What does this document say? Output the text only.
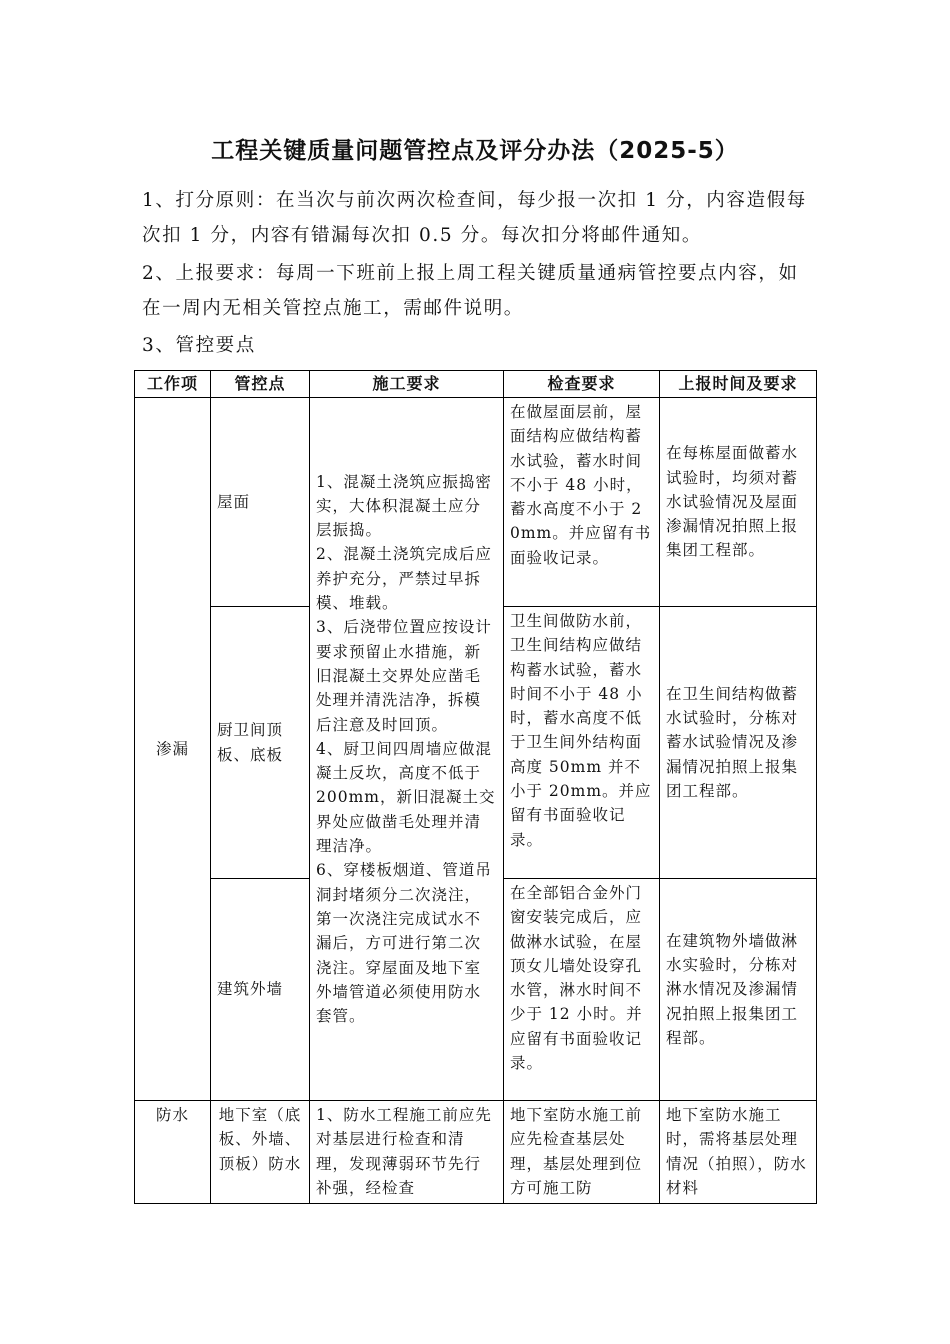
工程关键质量问题管控点及评分办法（2025-5）
1、打分原则：在当次与前次两次检查间，每少报一次扣 1 分，内容造假每次扣 1 分，内容有错漏每次扣 0.5 分。每次扣分将邮件通知。
2、上报要求：每周一下班前上报上周工程关键质量通病管控要点内容，如在一周内无相关管控点施工，需邮件说明。
3、管控要点
工作项	管控点	施工要求	检查要求	上报时间及要求
渗漏	屋面	1、混凝土浇筑应振捣密实，大体积混凝土应分层振捣。
2、混凝土浇筑完成后应养护充分，严禁过早拆模、堆载。
3、后浇带位置应按设计要求预留止水措施，新旧混凝土交界处应凿毛处理并清洗洁净，拆模后注意及时回顶。
4、厨卫间四周墙应做混凝土反坎，高度不低于 200mm，新旧混凝土交界处应做凿毛处理并清理洁净。
6、穿楼板烟道、管道吊洞封堵须分二次浇注，第一次浇注完成试水不漏后，方可进行第二次浇注。穿屋面及地下室外墙管道必须使用防水套管。	在做屋面层前，屋面结构应做结构蓄水试验，蓄水时间不小于 48 小时，蓄水高度不小于 20mm。并应留有书面验收记录。	在每栋屋面做蓄水试验时，均须对蓄水试验情况及屋面渗漏情况拍照上报集团工程部。
	厨卫间顶板、底板		卫生间做防水前，卫生间结构应做结构蓄水试验，蓄水时间不小于 48 小时，蓄水高度不低于卫生间外结构面高度 50mm 并不小于 20mm。并应留有书面验收记录。	在卫生间结构做蓄水试验时，分栋对蓄水试验情况及渗漏情况拍照上报集团工程部。
	建筑外墙		在全部铝合金外门窗安装完成后，应做淋水试验，在屋顶女儿墙处设穿孔水管，淋水时间不少于 12 小时。并应留有书面验收记录。	在建筑物外墙做淋水实验时，分栋对淋水情况及渗漏情况拍照上报集团工程部。
防水	地下室（底板、外墙、顶板）防水	1、防水工程施工前应先对基层进行检查和清理，发现薄弱环节先行补强，经检查	地下室防水施工前应先检查基层处理，基层处理到位方可施工防	地下室防水施工时，需将基层处理情况（拍照），防水材料
